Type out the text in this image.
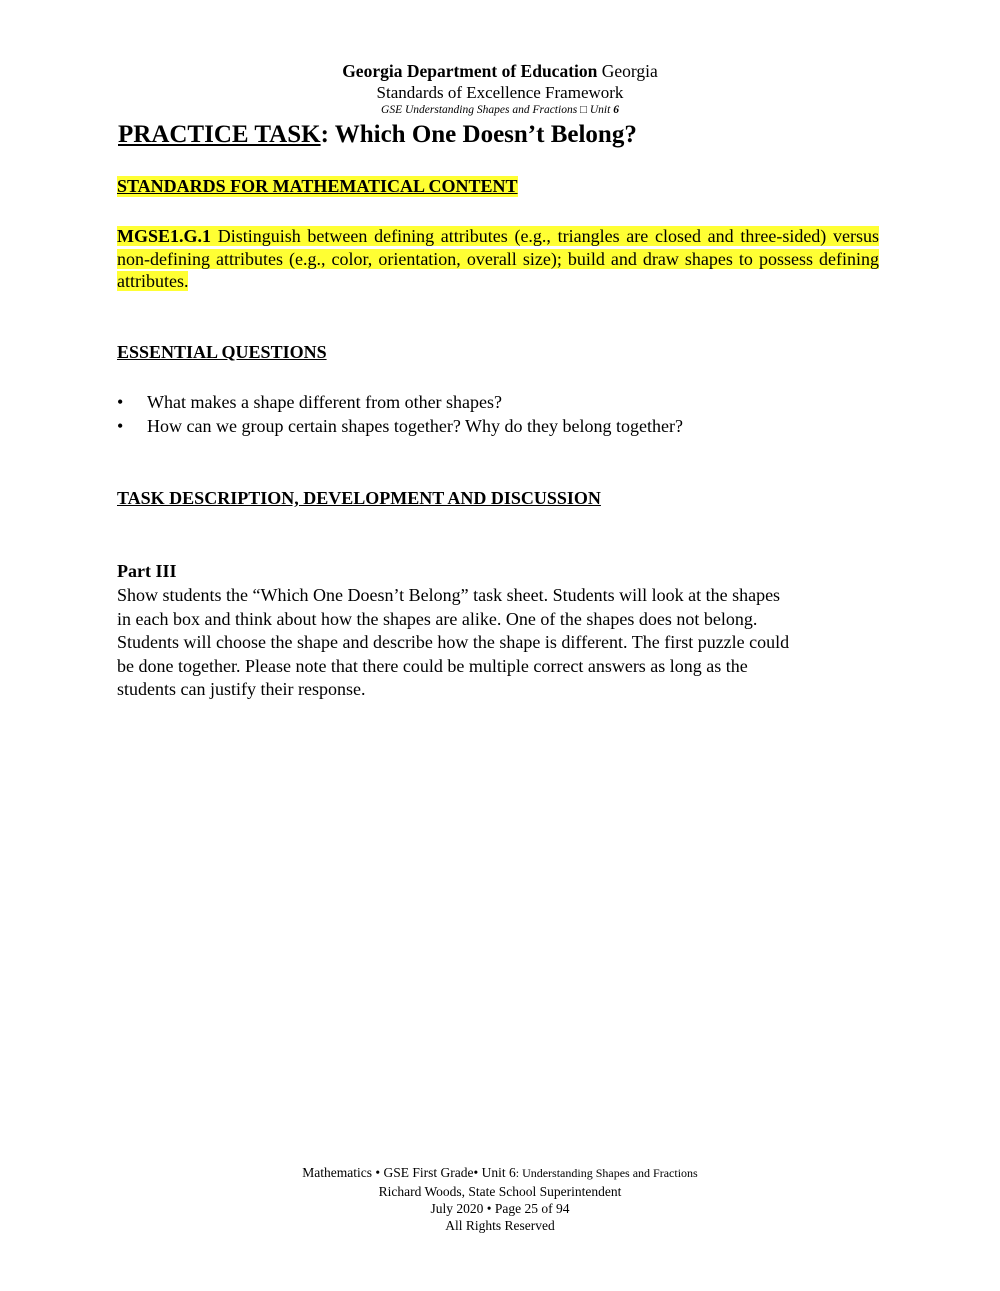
Georgia Department of Education Georgia
Standards of Excellence Framework
GSE Understanding Shapes and Fractions □ Unit 6
PRACTICE TASK: Which One Doesn’t Belong?
STANDARDS FOR MATHEMATICAL CONTENT
MGSE1.G.1 Distinguish between defining attributes (e.g., triangles are closed and three-sided) versus non-defining attributes (e.g., color, orientation, overall size); build and draw shapes to possess defining attributes.
ESSENTIAL QUESTIONS
• What makes a shape different from other shapes?
• How can we group certain shapes together? Why do they belong together?
TASK DESCRIPTION, DEVELOPMENT AND DISCUSSION
Part III
Show students the “Which One Doesn’t Belong” task sheet. Students will look at the shapes
in each box and think about how the shapes are alike. One of the shapes does not belong.
Students will choose the shape and describe how the shape is different. The first puzzle could
be done together. Please note that there could be multiple correct answers as long as the
students can justify their response.
Mathematics • GSE First Grade• Unit 6: Understanding Shapes and Fractions
Richard Woods, State School Superintendent
July 2020 • Page 25 of 94
All Rights Reserved
